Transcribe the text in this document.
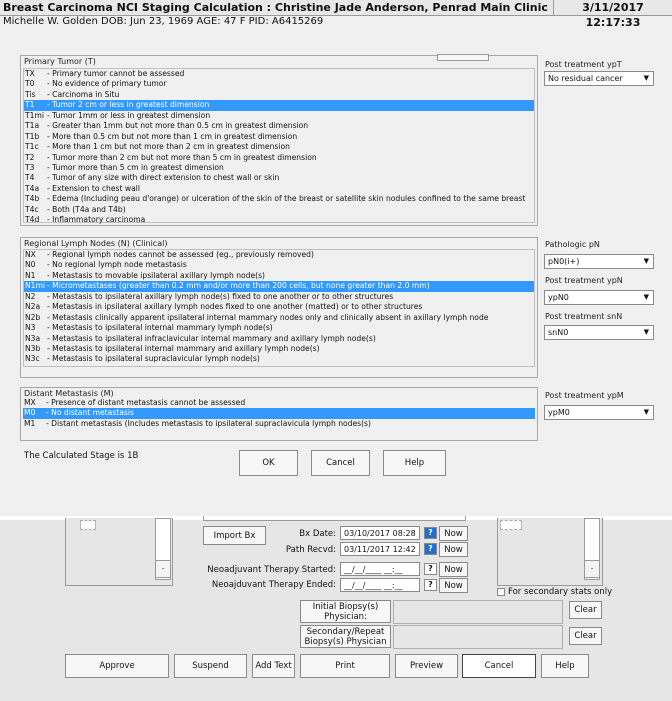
Breast Carcinoma NCI Staging Calculation : Christine Jade Anderson, Penrad Main Clinic	3/11/2017 12:17:33
Michelle W. Golden DOB: Jun 23, 1969 AGE: 47 F PID: A6415269
Primary Tumor (T)
TX - Primary tumor cannot be assessed
T0 - No evidence of primary tumor
Tis - Carcinoma in Situ
T1 - Tumor 2 cm or less in greatest dimension
T1mi - Tumor 1mm or less in greatest dimension
T1a - Greater than 1mm but not more than 0.5 cm in greatest dimension
T1b - More than 0.5 cm but not more than 1 cm in greatest dimension
T1c - More than 1 cm but not more than 2 cm in greatest dimension
T2 - Tumor more than 2 cm but not more than 5 cm in greatest dimension
T3 - Tumor more than 5 cm in greatest dimension
T4 - Tumor of any size with direct extension to chest wall or skin
T4a - Extension to chest wall
T4b - Edema (Including peau d'orange) or ulceration of the skin of the breast or satellite skin nodules confined to the same breast
T4c - Both (T4a and T4b)
T4d - Inflammatory carcinoma
Regional Lymph Nodes (N) (Clinical)
NX - Regional lymph nodes cannot be assessed (eg., previously removed)
N0 - No regional lymph node metastasis
N1 - Metastasis to movable ipsilateral axillary lymph node(s)
N1mi - Micrometastases (greater than 0.2 mm and/or more than 200 cells, but none greater than 2.0 mm)
N2 - Metastasis to ipsilateral axillary lymph node(s) fixed to one another or to other structures
N2a - Metastasis in ipsilateral axillary lymph nodes fixed to one another (matted) or to other structures
N2b - Metastasis clinically apparent ipsilateral internal mammary nodes only and clinically absent in axillary lymph node
N3 - Metastasis to ipsilateral internal mammary lymph node(s)
N3a - Metastasis to ipsilateral infraclavicular internal mammary and axillary lymph node(s)
N3b - Metastasis to ipsilateral internal mammary and axillary lymph node(s)
N3c - Metastasis to ipsilateral supraclavicular lymph node(s)
Distant Metastasis (M)
MX - Presence of distant metastasis cannot be assessed
M0 - No distant metastasis
M1 - Distant metastasis (Includes metastasis to ipsilateral supraclavicula lymph nodes(s)
Post treatment ypT
No residual cancer	▼
Pathologic pN
pN0(i+)	▼
Post treatment ypN
ypN0	▼
Post treatment snN
snN0	▼
Post treatment ypM
ypM0	▼
The Calculated Stage is 1B
OK	Cancel	Help
-	-
Import Bx	Bx Date:	03/10/2017 08:28	?	Now
Path Recvd:	03/11/2017 12:42	?	Now
Neoadjuvant Therapy Started:	__/__/____ __:__	?	Now
Neoajduvant Therapy Ended:	__/__/____ __:__	?	Now
For secondary stats only
Initial Biopsy(s) Physician:
Clear
Secondary/Repeat Biopsy(s) Physician
Clear
Approve	Suspend	Add Text	Print	Preview	Cancel	Help
